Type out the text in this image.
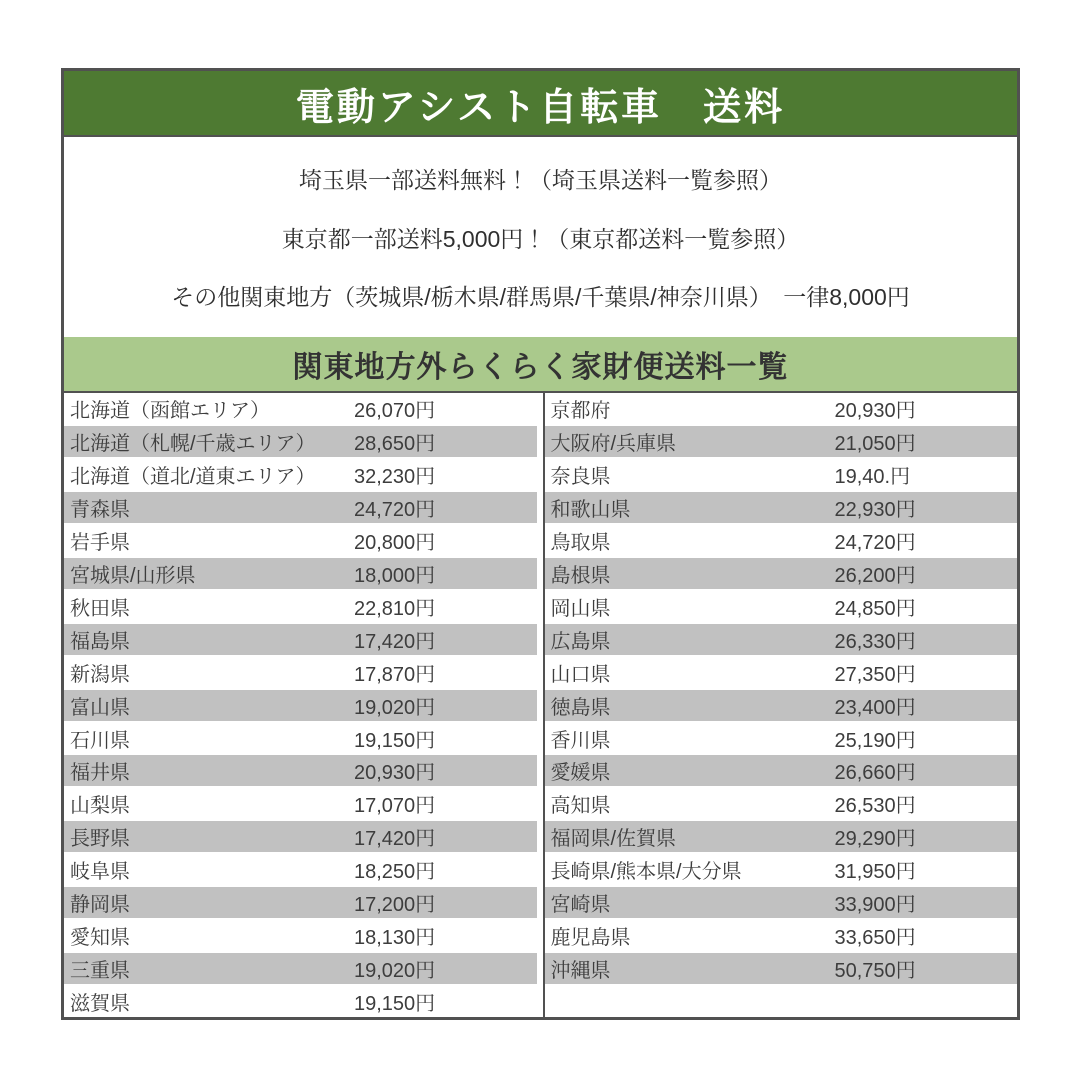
電動アシスト自転車　送料
埼玉県一部送料無料！（埼玉県送料一覧参照）
東京都一部送料5,000円！（東京都送料一覧参照）
その他関東地方（茨城県/栃木県/群馬県/千葉県/神奈川県）　一律8,000円
関東地方外らくらく家財便送料一覧
北海道（函館エリア）	26,070円
北海道（札幌/千歳エリア）	28,650円
北海道（道北/道東エリア）	32,230円
青森県	24,720円
岩手県	20,800円
宮城県/山形県	18,000円
秋田県	22,810円
福島県	17,420円
新潟県	17,870円
富山県	19,020円
石川県	19,150円
福井県	20,930円
山梨県	17,070円
長野県	17,420円
岐阜県	18,250円
静岡県	17,200円
愛知県	18,130円
三重県	19,020円
滋賀県	19,150円
京都府	20,930円
大阪府/兵庫県	21,050円
奈良県	19,40.円
和歌山県	22,930円
鳥取県	24,720円
島根県	26,200円
岡山県	24,850円
広島県	26,330円
山口県	27,350円
徳島県	23,400円
香川県	25,190円
愛媛県	26,660円
高知県	26,530円
福岡県/佐賀県	29,290円
長崎県/熊本県/大分県	31,950円
宮崎県	33,900円
鹿児島県	33,650円
沖縄県	50,750円
